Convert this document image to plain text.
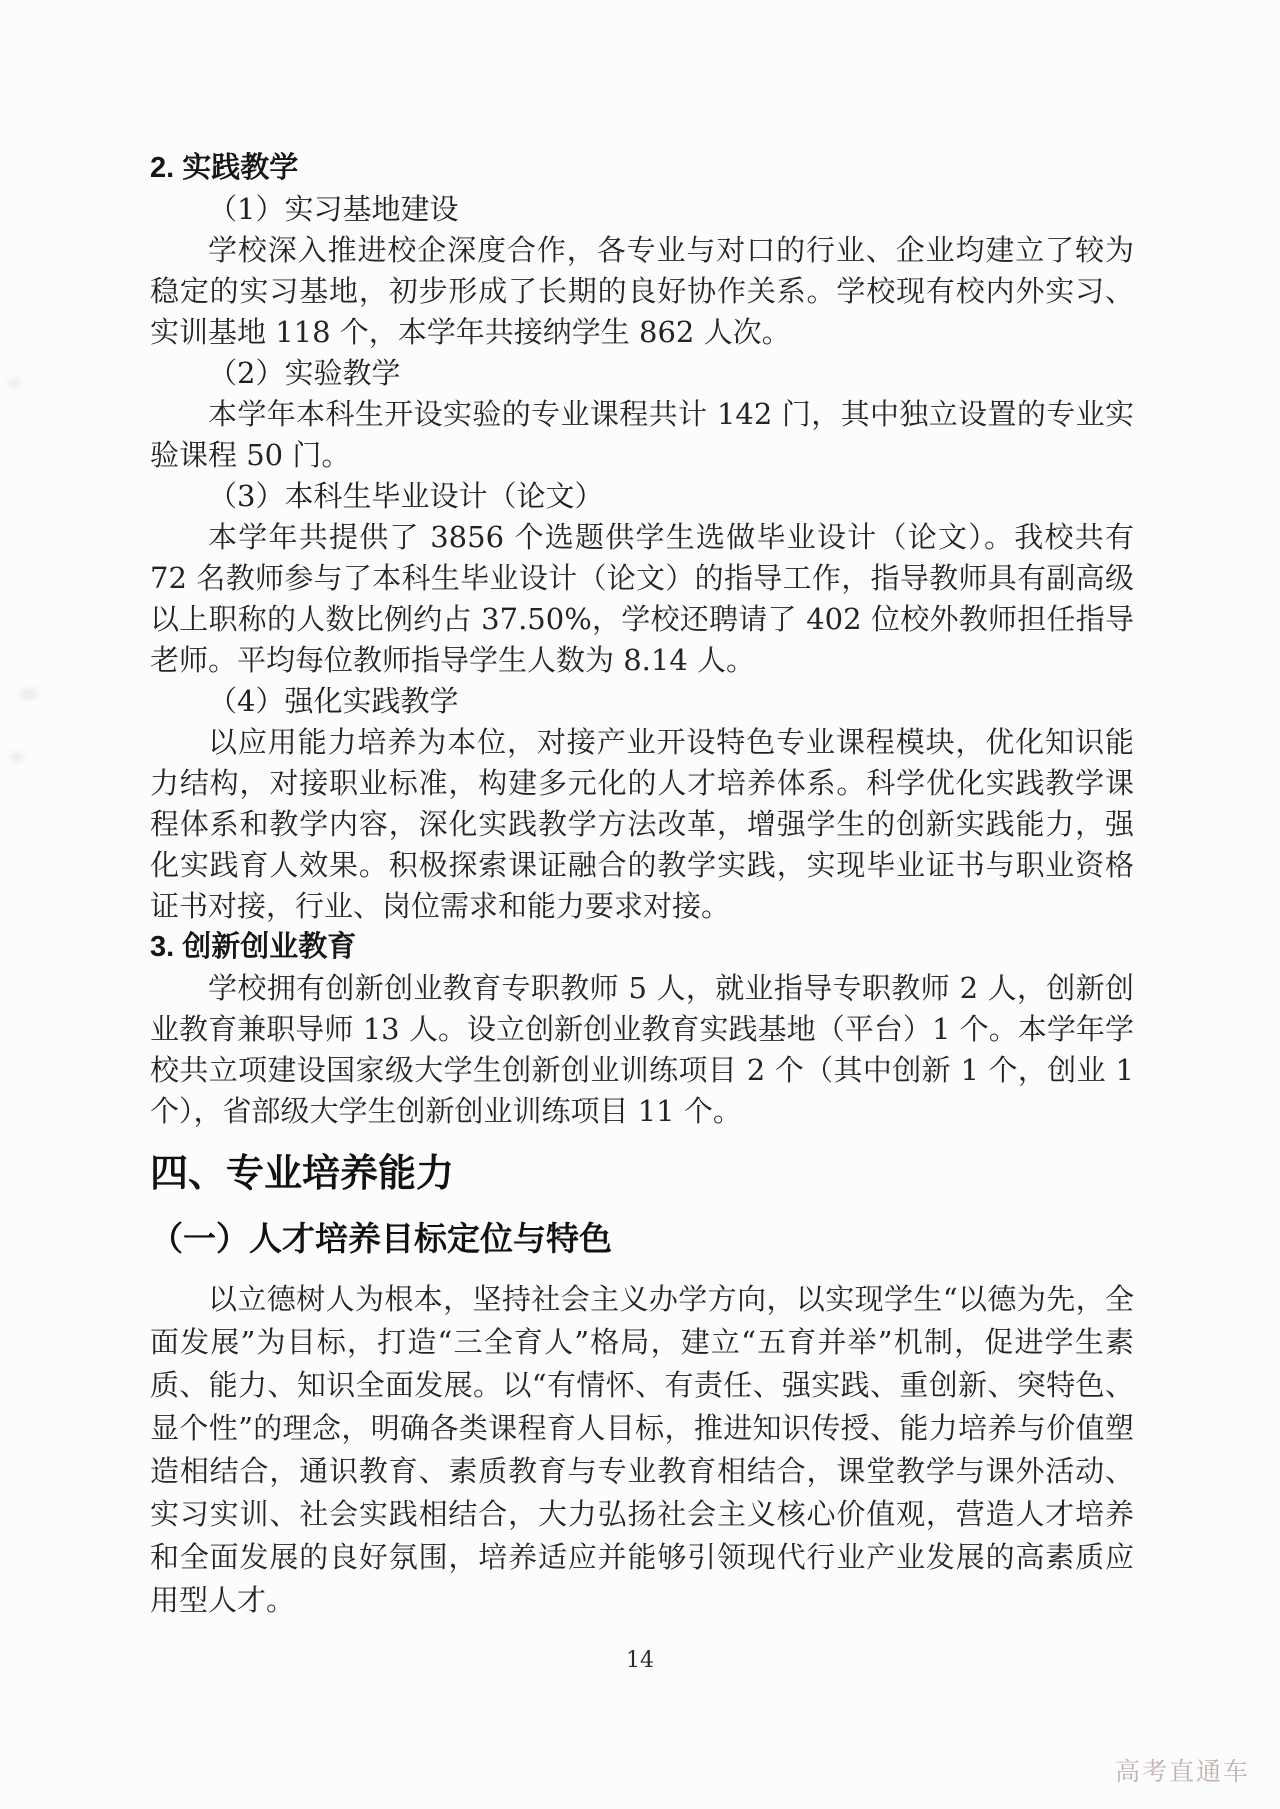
2. 实践教学

（1）实习基地建设

学校深入推进校企深度合作，各专业与对口的行业、企业均建立了较为稳定的实习基地，初步形成了长期的良好协作关系。学校现有校内外实习、实训基地 118 个，本学年共接纳学生 862 人次。

（2）实验教学

本学年本科生开设实验的专业课程共计 142 门，其中独立设置的专业实验课程 50 门。

（3）本科生毕业设计（论文）

本学年共提供了 3856 个选题供学生选做毕业设计（论文）。我校共有 72 名教师参与了本科生毕业设计（论文）的指导工作，指导教师具有副高级以上职称的人数比例约占 37.50%，学校还聘请了 402 位校外教师担任指导老师。平均每位教师指导学生人数为 8.14 人。

（4）强化实践教学

以应用能力培养为本位，对接产业开设特色专业课程模块，优化知识能力结构，对接职业标准，构建多元化的人才培养体系。科学优化实践教学课程体系和教学内容，深化实践教学方法改革，增强学生的创新实践能力，强化实践育人效果。积极探索课证融合的教学实践，实现毕业证书与职业资格证书对接，行业、岗位需求和能力要求对接。

3. 创新创业教育

学校拥有创新创业教育专职教师 5 人，就业指导专职教师 2 人，创新创业教育兼职导师 13 人。设立创新创业教育实践基地（平台）1 个。本学年学校共立项建设国家级大学生创新创业训练项目 2 个（其中创新 1 个，创业 1 个），省部级大学生创新创业训练项目 11 个。

四、专业培养能力
（一）人才培养目标定位与特色

以立德树人为根本，坚持社会主义办学方向，以实现学生“以德为先，全面发展”为目标，打造“三全育人”格局，建立“五育并举”机制，促进学生素质、能力、知识全面发展。以“有情怀、有责任、强实践、重创新、突特色、显个性”的理念，明确各类课程育人目标，推进知识传授、能力培养与价值塑造相结合，通识教育、素质教育与专业教育相结合，课堂教学与课外活动、实习实训、社会实践相结合，大力弘扬社会主义核心价值观，营造人才培养和全面发展的良好氛围，培养适应并能够引领现代行业产业发展的高素质应用型人才。

14
高考直通车
